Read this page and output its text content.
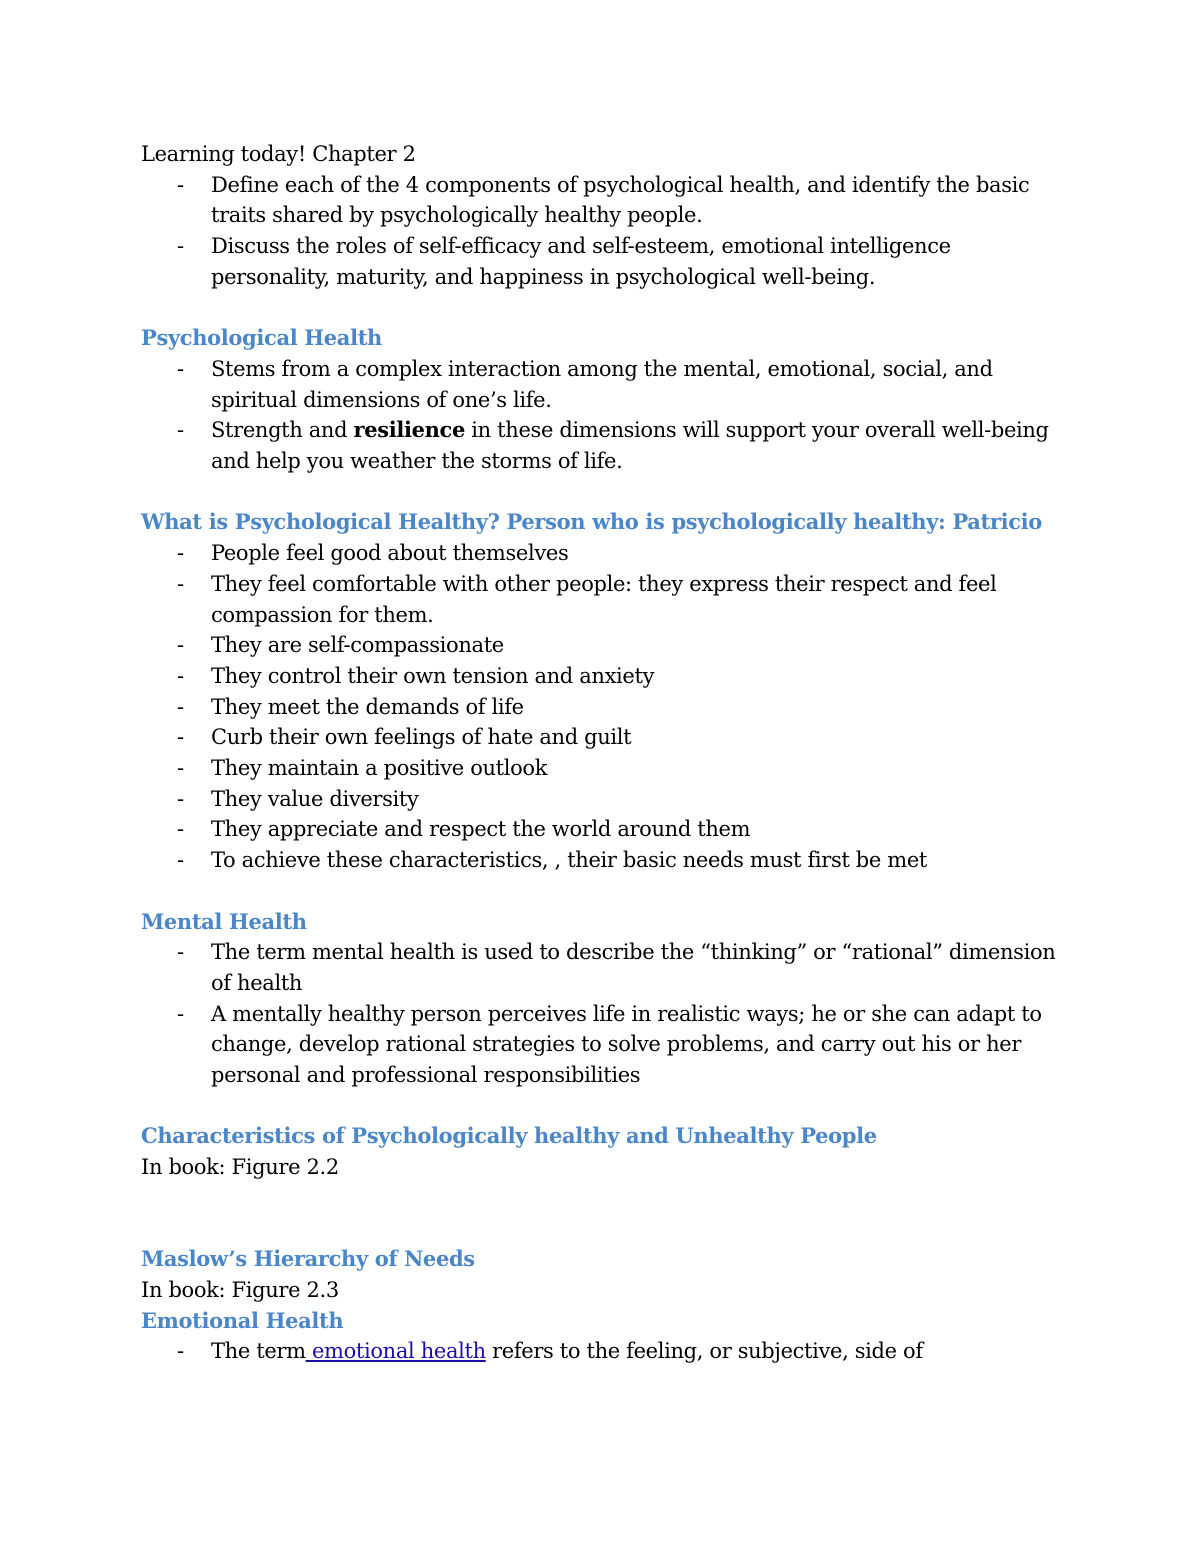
Learning today! Chapter 2

- Define each of the 4 components of psychological health, and identify the basic traits shared by psychologically healthy people.
- Discuss the roles of self-efficacy and self-esteem, emotional intelligence personality, maturity, and happiness in psychological well-being.

Psychological Health

- Stems from a complex interaction among the mental, emotional, social, and spiritual dimensions of one’s life.
- Strength and resilience in these dimensions will support your overall well-being and help you weather the storms of life.

What is Psychological Healthy? Person who is psychologically healthy: Patricio

- People feel good about themselves
- They feel comfortable with other people: they express their respect and feel compassion for them.
- They are self-compassionate
- They control their own tension and anxiety
- They meet the demands of life
- Curb their own feelings of hate and guilt
- They maintain a positive outlook
- They value diversity
- They appreciate and respect the world around them
- To achieve these characteristics, , their basic needs must first be met

Mental Health

- The term mental health is used to describe the “thinking” or “rational” dimension of health
- A mentally healthy person perceives life in realistic ways; he or she can adapt to change, develop rational strategies to solve problems, and carry out his or her personal and professional responsibilities

Characteristics of Psychologically healthy and Unhealthy People

In book: Figure 2.2

Maslow’s Hierarchy of Needs

In book: Figure 2.3

Emotional Health

- The term emotional health refers to the feeling, or subjective, side of
